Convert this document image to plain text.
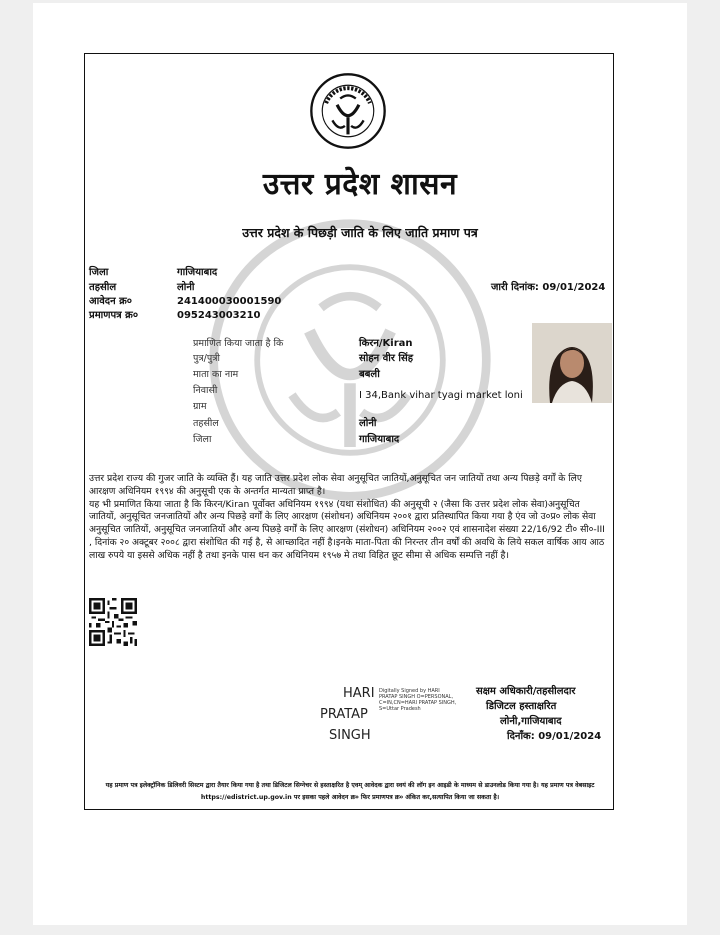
उत्तर प्रदेश शासन
उत्तर प्रदेश के पिछड़ी जाति के लिए जाति प्रमाण पत्र
जिला	गाजियाबाद
तहसील	लोनी
आवेदन क्र०	241400030001590
प्रमाणपत्र क्र०	095243003210
जारी दिनांक: 09/01/2024
प्रमाणित किया जाता है कि	किरन/Kiran
पुत्र/पुत्री	सोहन वीर सिंह
माता का नाम	बबली
निवासी	I 34,Bank vihar tyagi market loni
ग्राम
तहसील	लोनी
जिला	गाजियाबाद
उत्तर प्रदेश राज्य की गुजर जाति के व्यक्ति हैं। यह जाति उत्तर प्रदेश लोक सेवा अनुसूचित जातियों,अनुसूचित जन जातियों तथा अन्य पिछड़े वर्गों के लिए आरक्षण अधिनियम १९९४ की अनुसूची एक के अन्तर्गत मान्यता प्राप्त है।
यह भी प्रमाणित किया जाता है कि किरन/Kiran पूर्वोक्त अधिनियम १९९४ (यथा संशोधित) की अनुसूची २ (जैसा कि उत्तर प्रदेश लोक सेवा)अनुसूचित जातियों, अनुसूचित जनजातियों और अन्य पिछड़े वर्गों के लिए आरक्षण (संशोधन) अधिनियम २००१ द्वारा प्रतिस्थापित किया गया है एंव जो उ०प्र० लोक सेवा अनुसूचित जातियों, अनुसूचित जनजातियों और अन्य पिछड़े वर्गों के लिए आरक्षण (संशोधन) अधिनियम २००२ एवं शासनादेश संख्या 22/16/92 टी० सी०-III , दिनांक २० अक्टूबर २००८ द्वारा संशोधित की गई है, से आच्छादित नहीं है।इनके माता-पिता की निरन्तर तीन वर्षों की अवधि के लिये सकल वार्षिक आय आठ लाख रुपये या इससे अधिक नहीं है तथा इनके पास धन कर अधिनियम १९५७ मे तथा विहित छूट सीमा से अधिक सम्पत्ति नहीं है।
HARI
PRATAP
SINGH
Digitally Signed by HARI PRATAP SINGH O=PERSONAL, C=IN,CN=HARI PRATAP SINGH, S=Uttar Pradesh
सक्षम अधिकारी/तहसीलदार
डिजिटल हस्ताक्षरित
लोनी,गाजियाबाद
दिनाँक: 09/01/2024
यह प्रमाण पत्र इलेक्ट्रॉनिक डिलिवरी सिस्टम द्वारा तैयार किया गया है तथा डिजिटल सिग्नेचर से हस्ताक्षरित है एवम् आवेदक द्वारा स्वयं की लॉग इन आइडी के माध्यम से डाउनलोड किया गया है। यह प्रमाण पत्र वेबसाइट https://edistrict.up.gov.in पर इसका पहले आवेदन क्र० फिर प्रमाणपत्र क्र० अंकित कर,सत्यापित किया जा सकता है।
